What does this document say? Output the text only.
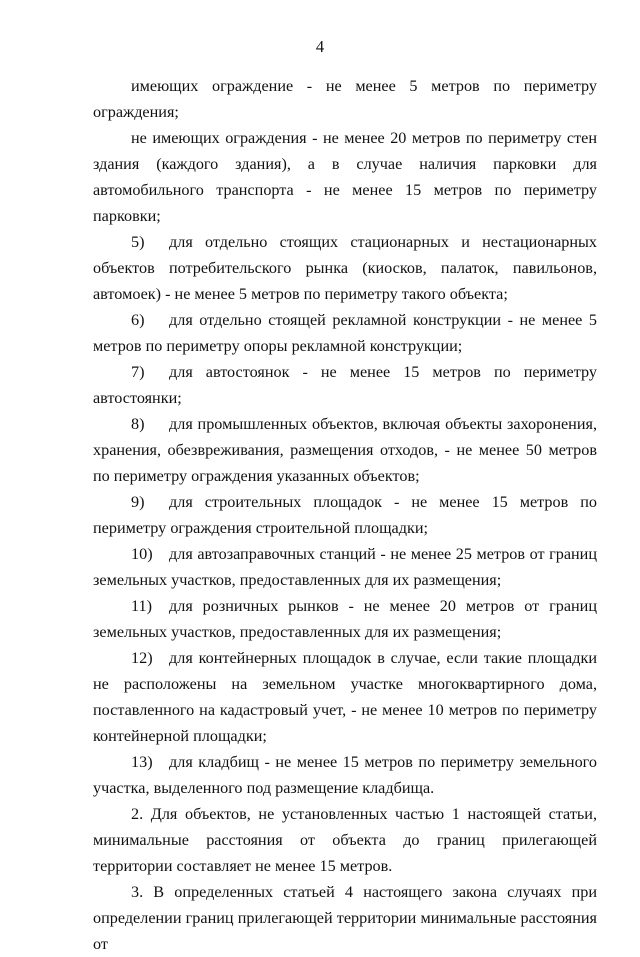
4

имеющих ограждение - не менее 5 метров по периметру ограждения;

не имеющих ограждения - не менее 20 метров по периметру стен здания (каждого здания), а в случае наличия парковки для автомобильного транспорта - не менее 15 метров по периметру парковки;

5) для отдельно стоящих стационарных и нестационарных объектов потребительского рынка (киосков, палаток, павильонов, автомоек) - не менее 5 метров по периметру такого объекта;

6) для отдельно стоящей рекламной конструкции - не менее 5 метров по периметру опоры рекламной конструкции;

7) для автостоянок - не менее 15 метров по периметру автостоянки;

8) для промышленных объектов, включая объекты захоронения, хранения, обезвреживания, размещения отходов, - не менее 50 метров по периметру ограждения указанных объектов;

9) для строительных площадок - не менее 15 метров по периметру ограждения строительной площадки;

10) для автозаправочных станций - не менее 25 метров от границ земельных участков, предоставленных для их размещения;

11) для розничных рынков - не менее 20 метров от границ земельных участков, предоставленных для их размещения;

12) для контейнерных площадок в случае, если такие площадки не расположены на земельном участке многоквартирного дома, поставленного на кадастровый учет, - не менее 10 метров по периметру контейнерной площадки;

13) для кладбищ - не менее 15 метров по периметру земельного участка, выделенного под размещение кладбища.

2. Для объектов, не установленных частью 1 настоящей статьи, минимальные расстояния от объекта до границ прилегающей территории составляет не менее 15 метров.

3. В определенных статьей 4 настоящего закона случаях при определении границ прилегающей территории минимальные расстояния от
